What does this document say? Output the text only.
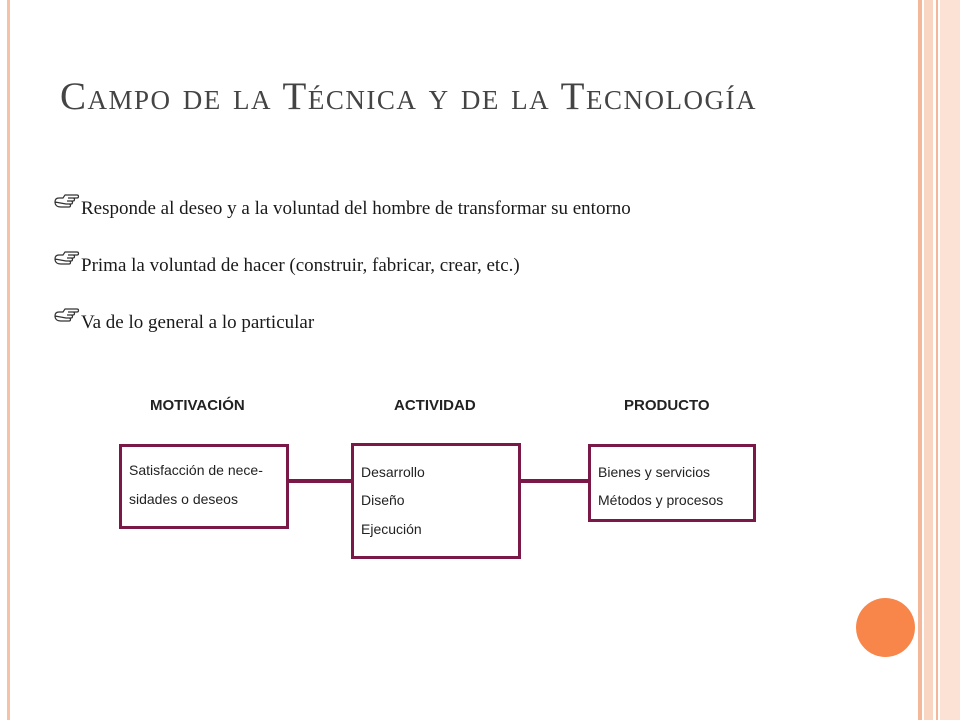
Campo de la Técnica y de la Tecnología
Responde al deseo y a la voluntad del hombre de transformar su entorno
Prima la voluntad de hacer (construir, fabricar, crear, etc.)
Va de lo general a lo particular
MOTIVACIÓN	ACTIVIDAD	PRODUCTO
Satisfacción de nece-
sidades o deseos
Desarrollo
Diseño
Ejecución
Bienes y servicios
Métodos y procesos
